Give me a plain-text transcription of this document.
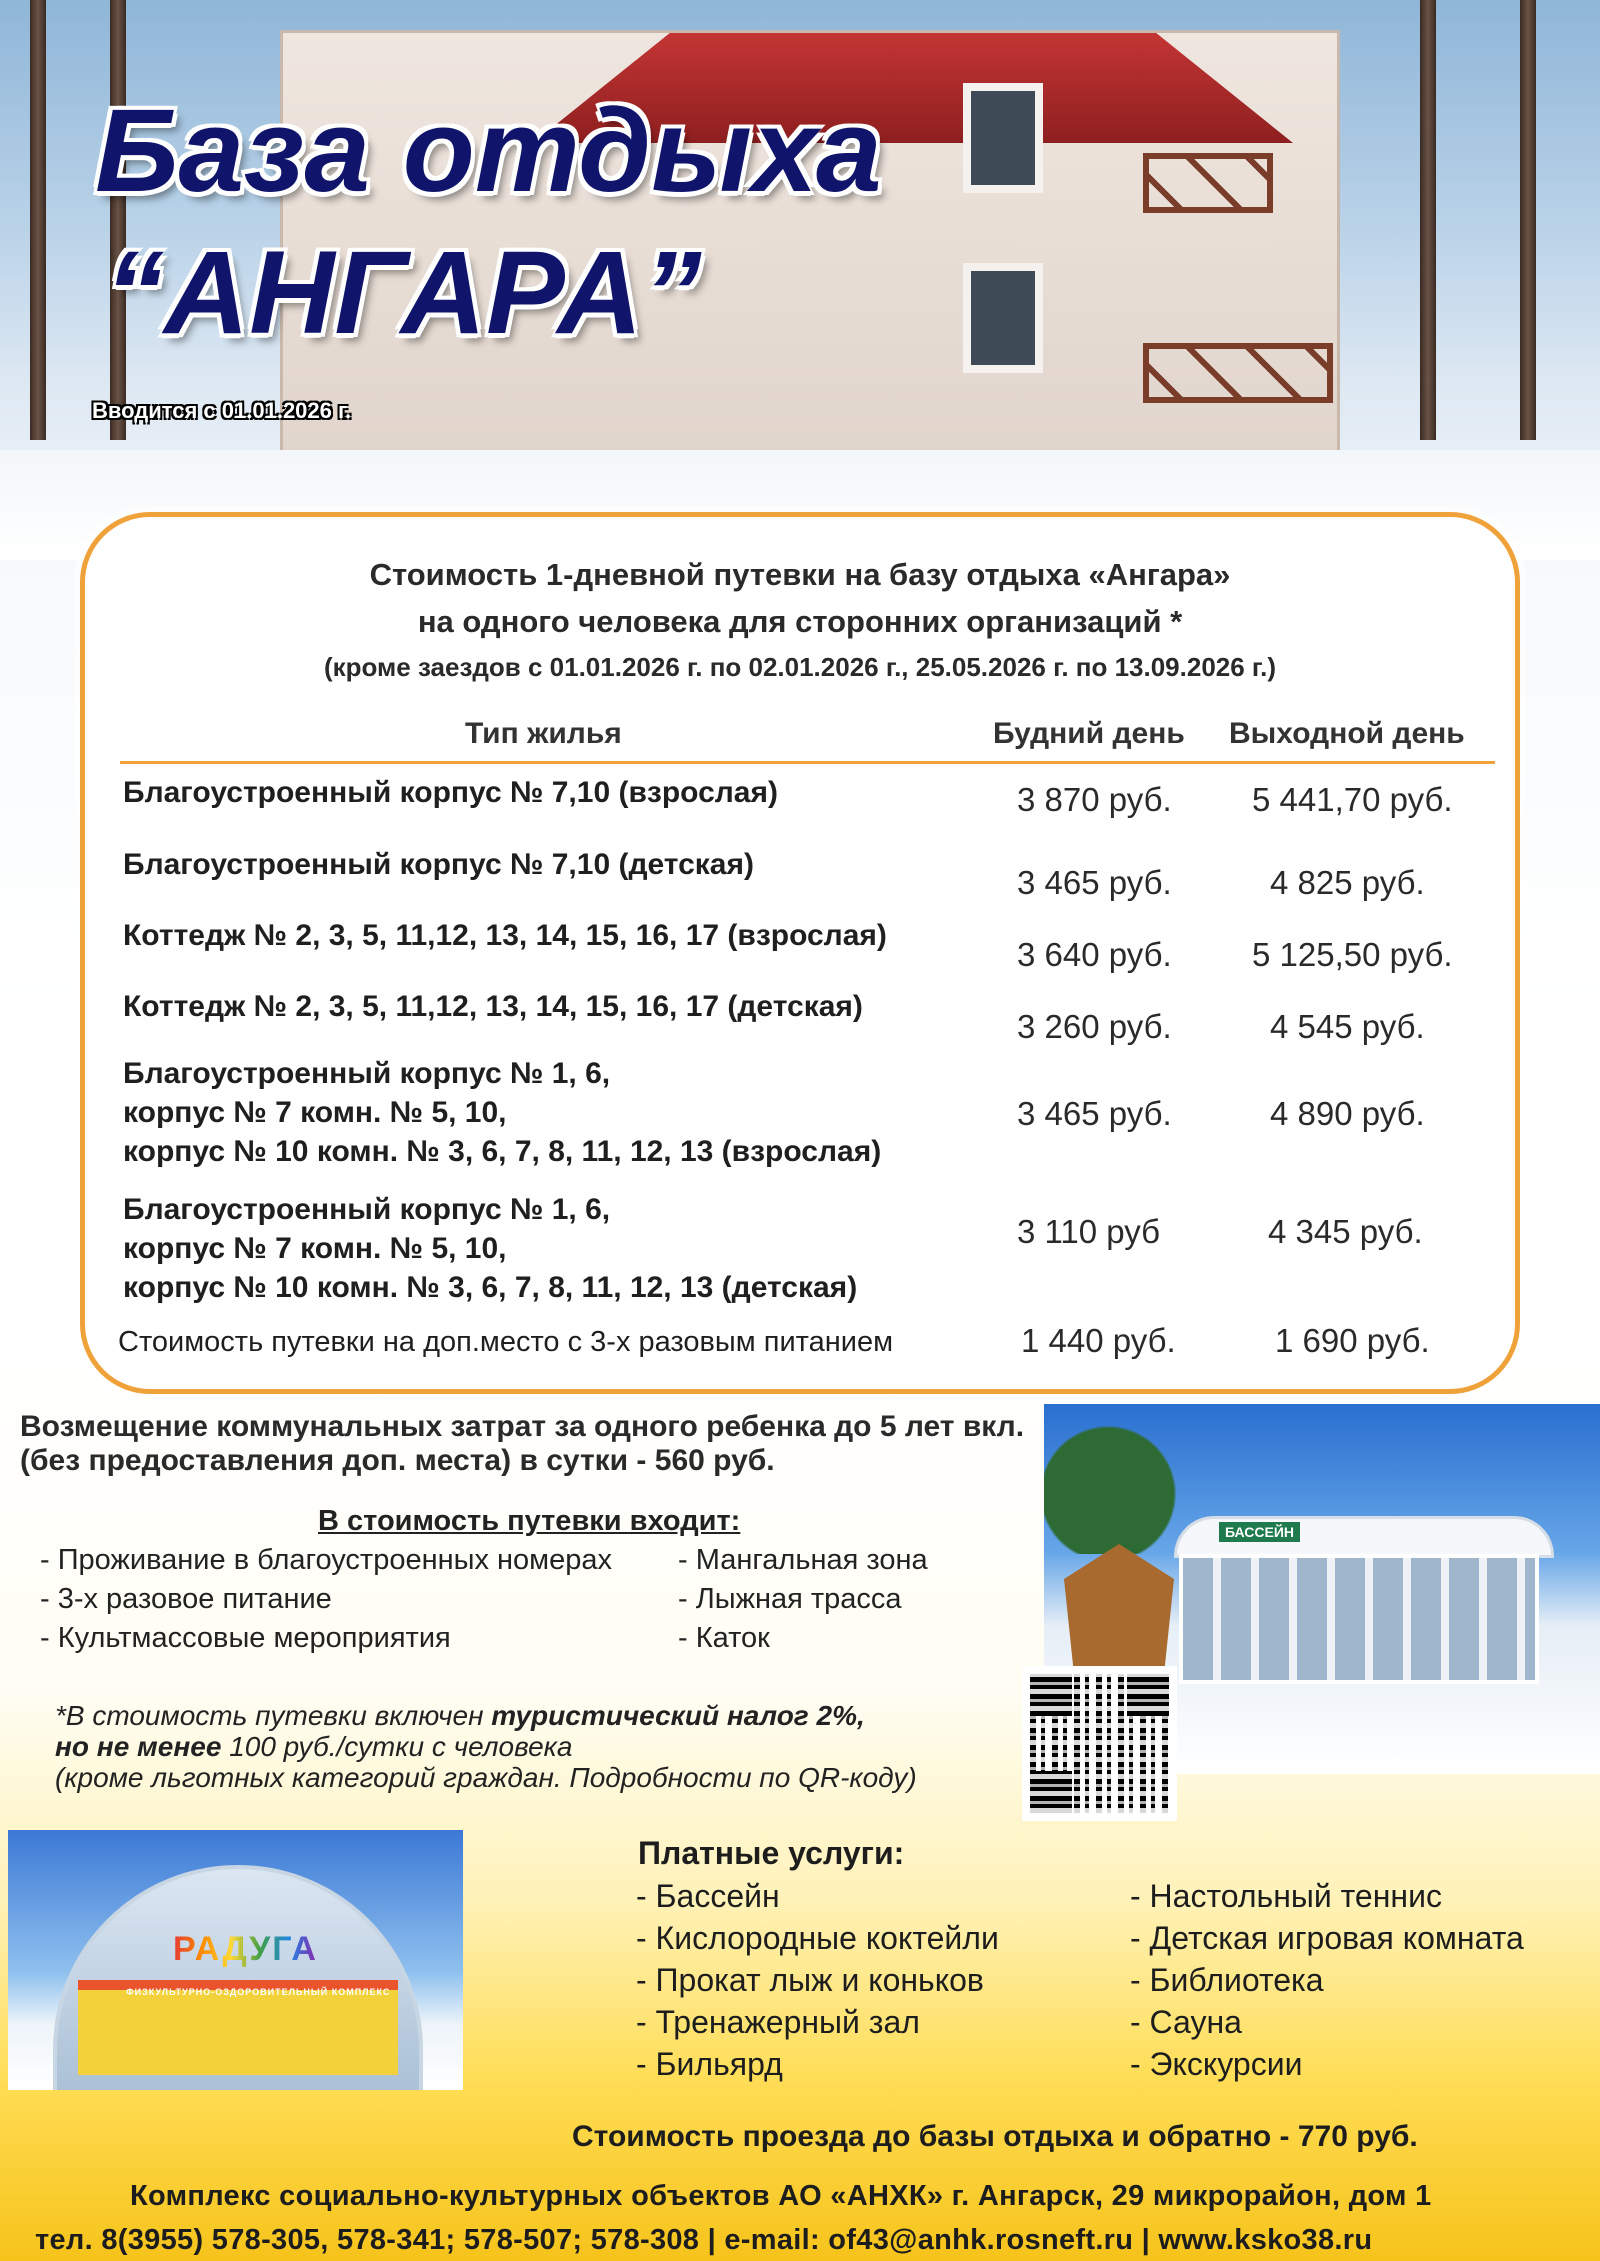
База отдыха
“АНГАРА”
Вводится с 01.01.2026 г.
Стоимость 1-дневной путевки на базу отдыха «Ангара»
на одного человека для сторонних организаций *
(кроме заездов с 01.01.2026 г. по 02.01.2026 г., 25.05.2026 г. по 13.09.2026 г.)
Тип жилья	Будний день Выходной день
Благоустроенный корпус № 7,10 (взрослая)	3 870 руб. 5 441,70 руб.
Благоустроенный корпус № 7,10 (детская)	3 465 руб.	4 825 руб.
Коттедж № 2, 3, 5, 11,12, 13, 14, 15, 16, 17 (взрослая)
3 640 руб. 5 125,50 руб.
Коттедж № 2, 3, 5, 11,12, 13, 14, 15, 16, 17 (детская)
3 260 руб.	4 545 руб.
Благоустроенный корпус № 1, 6,
корпус № 7 комн. № 5, 10,
корпус № 10 комн. № 3, 6, 7, 8, 11, 12, 13 (взрослая)
3 465 руб.	4 890 руб.
Благоустроенный корпус № 1, 6,
корпус № 7 комн. № 5, 10,
корпус № 10 комн. № 3, 6, 7, 8, 11, 12, 13 (детская)
3 110 руб	4 345 руб.
Стоимость путевки на доп.место с 3-х разовым питанием	1 440 руб.	1 690 руб.
Возмещение коммунальных затрат за одного ребенка до 5 лет вкл.
(без предоставления доп. места) в сутки - 560 руб.
В стоимость путевки входит:
- Проживание в благоустроенных номерах
- 3-х разовое питание
- Культмассовые мероприятия
- Мангальная зона
- Лыжная трасса
- Каток
*В стоимость путевки включен туристический налог 2%,
но не менее 100 руб./сутки с человека
(кроме льготных категорий граждан. Подробности по QR-коду)
БАССЕЙН
РАДУГА
ФИЗКУЛЬТУРНО-ОЗДОРОВИТЕЛЬНЫЙ КОМПЛЕКС
Платные услуги:
- Бассейн
- Кислородные коктейли
- Прокат лыж и коньков
- Тренажерный зал
- Бильярд
- Настольный теннис
- Детская игровая комната
- Библиотека
- Сауна
- Экскурсии
Стоимость проезда до базы отдыха и обратно - 770 руб.
Комплекс социально-культурных объектов АО «АНХК» г. Ангарск, 29 микрорайон, дом 1
тел. 8(3955) 578-305, 578-341; 578-507; 578-308 | e-mail: of43@anhk.rosneft.ru | www.ksko38.ru
